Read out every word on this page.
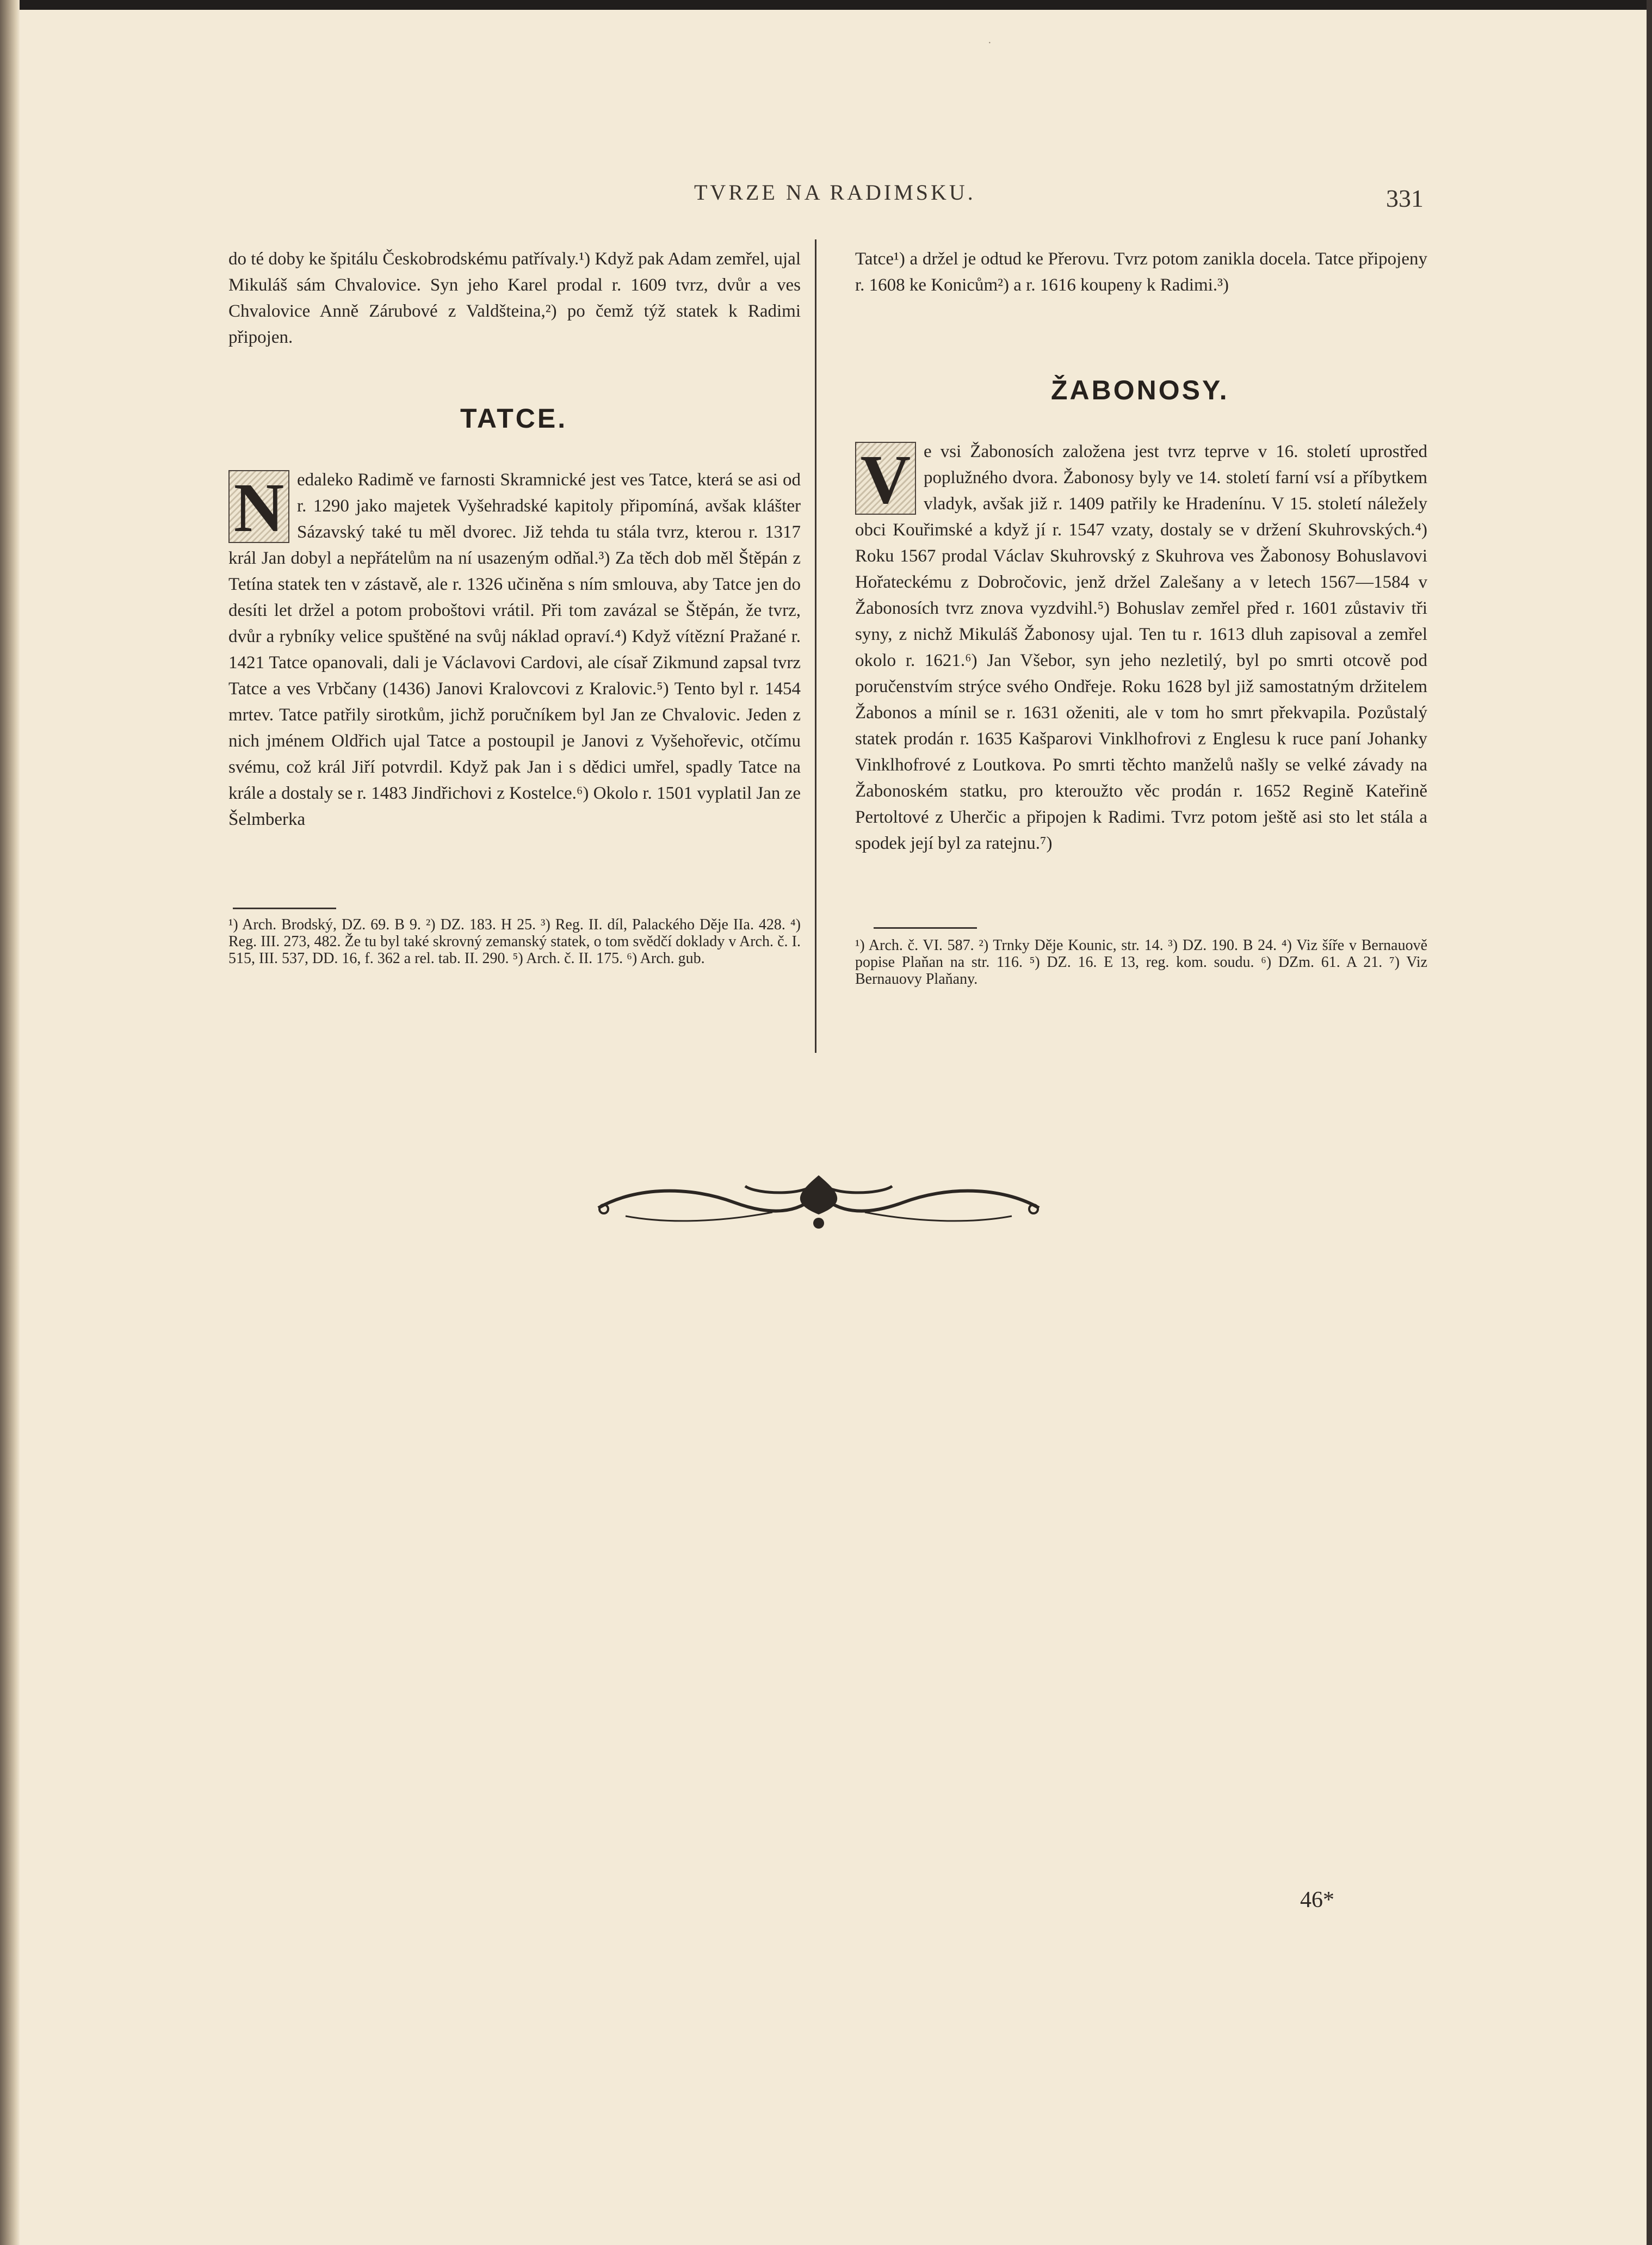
·
TVRZE NA RADIMSKU.	331

do té doby ke špitálu Českobrodskému patřívaly.¹) Když pak Adam zemřel, ujal Mikuláš sám Chvalovice. Syn jeho Karel prodal r. 1609 tvrz, dvůr a ves Chvalovice Anně Zárubové z Valdšteina,²) po čemž týž statek k Radimi připojen.

TATCE.
N edaleko Radimě ve farnosti Skramnické jest ves Tatce, která se asi od r. 1290 jako majetek Vyšehradské kapitoly připomíná, avšak klášter Sázavský také tu měl dvorec. Již tehda tu stála tvrz, kterou r. 1317 král Jan dobyl a nepřátelům na ní usazeným odňal.³) Za těch dob měl Štěpán z Tetína statek ten v zástavě, ale r. 1326 učiněna s ním smlouva, aby Tatce jen do desíti let držel a potom proboštovi vrátil. Při tom zavázal se Štěpán, že tvrz, dvůr a rybníky velice spuštěné na svůj náklad opraví.⁴) Když vítězní Pražané r. 1421 Tatce opanovali, dali je Václavovi Cardovi, ale císař Zikmund zapsal tvrz Tatce a ves Vrbčany (1436) Janovi Kralovcovi z Kralovic.⁵) Tento byl r. 1454 mrtev. Tatce patřily sirotkům, jichž poručníkem byl Jan ze Chvalovic. Jeden z nich jménem Oldřich ujal Tatce a postoupil je Janovi z Vyšehořevic, otčímu svému, což král Jiří potvrdil. Když pak Jan i s dědici umřel, spadly Tatce na krále a dostaly se r. 1483 Jindřichovi z Kostelce.⁶) Okolo r. 1501 vyplatil Jan ze Šelmberka

¹) Arch. Brodský, DZ. 69. B 9. ²) DZ. 183. H 25. ³) Reg. II. díl, Palackého Děje IIa. 428. ⁴) Reg. III. 273, 482. Že tu byl také skrovný zemanský statek, o tom svědčí doklady v Arch. č. I. 515, III. 537, DD. 16, f. 362 a rel. tab. II. 290. ⁵) Arch. č. II. 175. ⁶) Arch. gub.

Tatce¹) a držel je odtud ke Přerovu. Tvrz potom zanikla docela. Tatce připojeny r. 1608 ke Konicům²) a r. 1616 koupeny k Radimi.³)

ŽABONOSY.
V e vsi Žabonosích založena jest tvrz teprve v 16. století uprostřed poplužného dvora. Žabonosy byly ve 14. století farní vsí a příbytkem vladyk, avšak již r. 1409 patřily ke Hradenínu. V 15. století náležely obci Kouřimské a když jí r. 1547 vzaty, dostaly se v držení Skuhrovských.⁴) Roku 1567 prodal Václav Skuhrovský z Skuhrova ves Žabonosy Bohuslavovi Hořateckému z Dobročovic, jenž držel Zalešany a v letech 1567—1584 v Žabonosích tvrz znova vyzdvihl.⁵) Bohuslav zemřel před r. 1601 zůstaviv tři syny, z nichž Mikuláš Žabonosy ujal. Ten tu r. 1613 dluh zapisoval a zemřel okolo r. 1621.⁶) Jan Všebor, syn jeho nezletilý, byl po smrti otcově pod poručenstvím strýce svého Ondřeje. Roku 1628 byl již samostatným držitelem Žabonos a mínil se r. 1631 oženiti, ale v tom ho smrt překvapila. Pozůstalý statek prodán r. 1635 Kašparovi Vinklhofrovi z Englesu k ruce paní Johanky Vinklhofrové z Loutkova. Po smrti těchto manželů našly se velké závady na Žabonoském statku, pro kteroužto věc prodán r. 1652 Regině Kateřině Pertoltové z Uherčic a připojen k Radimi. Tvrz potom ještě asi sto let stála a spodek její byl za ratejnu.⁷)

¹) Arch. č. VI. 587. ²) Trnky Děje Kounic, str. 14. ³) DZ. 190. B 24. ⁴) Viz šíře v Bernauově popise Plaňan na str. 116. ⁵) DZ. 16. E 13, reg. kom. soudu. ⁶) DZm. 61. A 21. ⁷) Viz Bernauovy Plaňany.

46*
